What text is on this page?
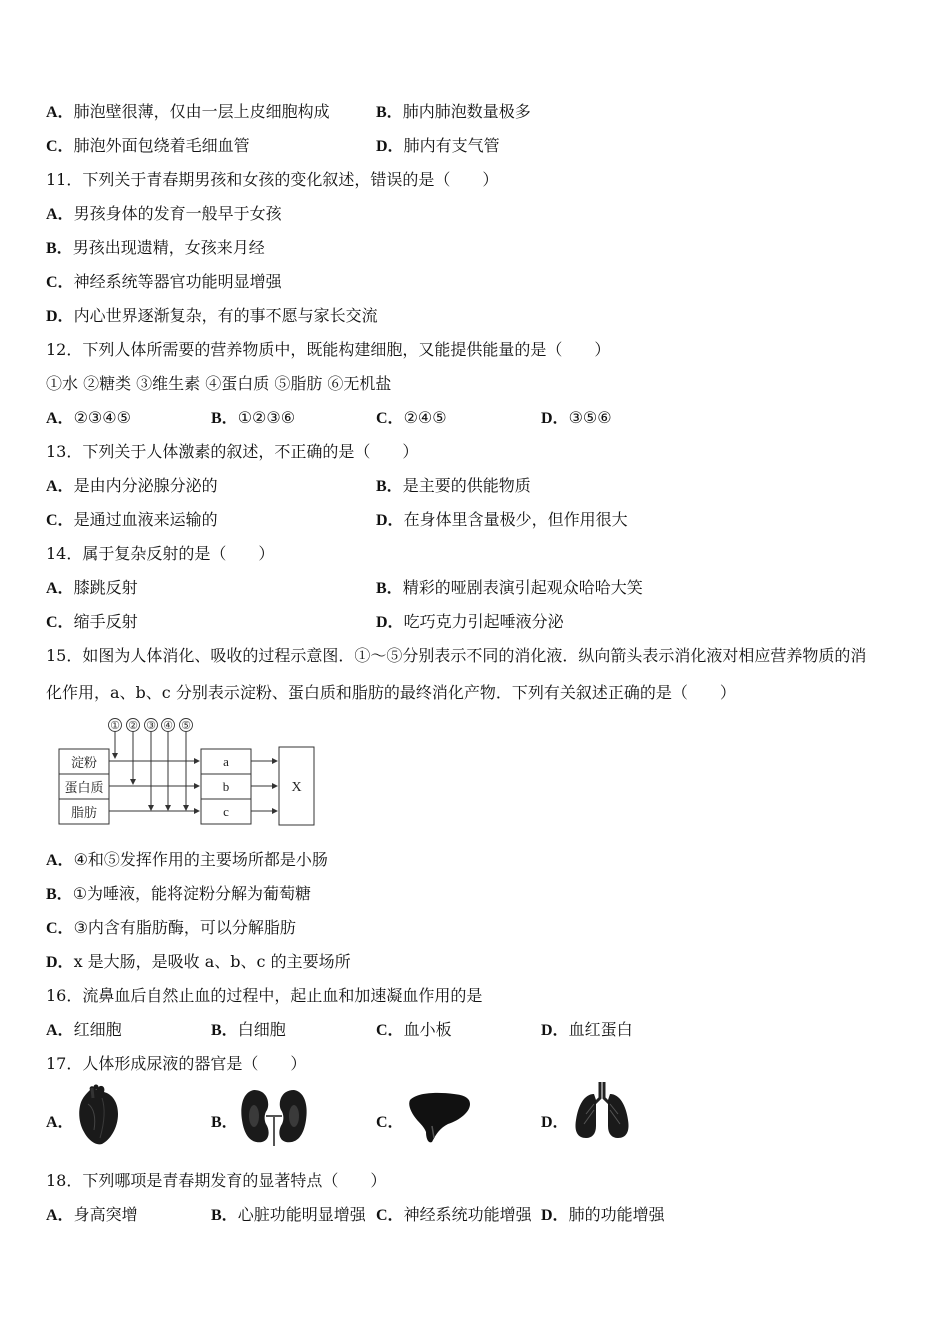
A．肺泡壁很薄，仅由一层上皮细胞构成	B．肺内肺泡数量极多
C．肺泡外面包绕着毛细血管	D．肺内有支气管
11．下列关于青春期男孩和女孩的变化叙述，错误的是（　　）
A．男孩身体的发育一般早于女孩
B．男孩出现遗精，女孩来月经
C．神经系统等器官功能明显增强
D．内心世界逐渐复杂，有的事不愿与家长交流
12．下列人体所需要的营养物质中，既能构建细胞，又能提供能量的是（　　）
①水 ②糖类 ③维生素 ④蛋白质 ⑤脂肪 ⑥无机盐
A．②③④⑤	B．①②③⑥	C．②④⑤	D．③⑤⑥
13．下列关于人体激素的叙述，不正确的是（　　）
A．是由内分泌腺分泌的	B．是主要的供能物质
C．是通过血液来运输的	D．在身体里含量极少，但作用很大
14．属于复杂反射的是（　　）
A．膝跳反射	B．精彩的哑剧表演引起观众哈哈大笑
C．缩手反射	D．吃巧克力引起唾液分泌
15．如图为人体消化、吸收的过程示意图．①～⑤分别表示不同的消化液．纵向箭头表示消化液对相应营养物质的消
化作用，a、b、c 分别表示淀粉、蛋白质和脂肪的最终消化产物．下列有关叙述正确的是（　　）
① ② ③ ④ ⑤
淀粉
蛋白质
脂肪
a
b
c
X
A．④和⑤发挥作用的主要场所都是小肠
B．①为唾液，能将淀粉分解为葡萄糖
C．③内含有脂肪酶，可以分解脂肪
D．x 是大肠，是吸收 a、b、c 的主要场所
16．流鼻血后自然止血的过程中，起止血和加速凝血作用的是
A．红细胞	B．白细胞	C．血小板	D．血红蛋白
17．人体形成尿液的器官是（　　）
A．	B．	C．	D．
18．下列哪项是青春期发育的显著特点（　　）
A．身高突增	B．心脏功能明显增强 C．神经系统功能增强 D．肺的功能增强
